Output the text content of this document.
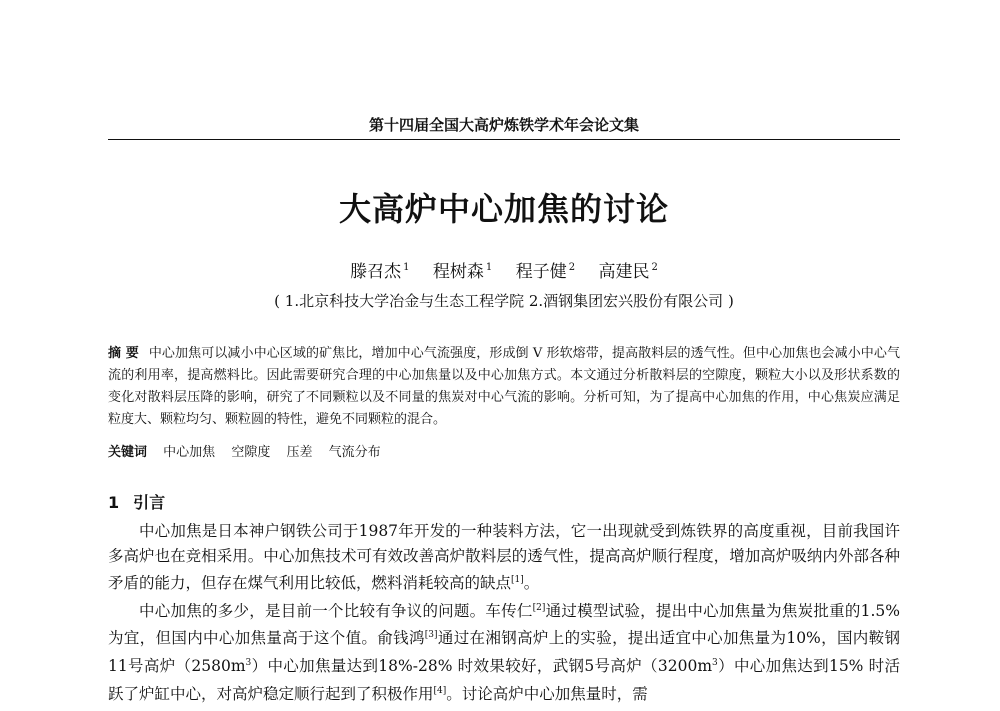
第十四届全国大高炉炼铁学术年会论文集
大高炉中心加焦的讨论
滕召杰 $^1$ 程树森 $^1$ 程子健 $^2$ 高建民 $^2$
( 1.北京科技大学冶金与生态工程学院 2.酒钢集团宏兴股份有限公司 )
摘 要 中心加焦可以减小中心区域的矿焦比，增加中心气流强度，形成倒 V 形软熔带，提高散料层的透气性。但中心加焦也会减小中心气流的利用率，提高燃料比。因此需要研究合理的中心加焦量以及中心加焦方式。本文通过分析散料层的空隙度，颗粒大小以及形状系数的变化对散料层压降的影响，研究了不同颗粒以及不同量的焦炭对中心气流的影响。分析可知，为了提高中心加焦的作用，中心焦炭应满足粒度大、颗粒均匀、颗粒圆的特性，避免不同颗粒的混合。
关键词 中心加焦 空隙度 压差 气流分布
1 引言

中心加焦是日本神户钢铁公司于1987年开发的一种装料方法，它一出现就受到炼铁界的高度重视，目前我国许多高炉也在竞相采用。中心加焦技术可有效改善高炉散料层的透气性，提高高炉顺行程度，增加高炉吸纳内外部各种矛盾的能力，但存在煤气利用比较低，燃料消耗较高的缺点[1]。

中心加焦的多少，是目前一个比较有争议的问题。车传仁[2]通过模型试验，提出中心加焦量为焦炭批重的1.5%为宜，但国内中心加焦量高于这个值。俞钱鸿[3]通过在湘钢高炉上的实验，提出适宜中心加焦量为10%，国内鞍钢11号高炉$(2580m^3)$中心加焦量达到18%-28% 时效果较好，武钢5号高炉$(3200m^3)$中心加焦达到15% 时活跃了炉缸中心，对高炉稳定顺行起到了积极作用[4]。讨论高炉中心加焦量时，需
